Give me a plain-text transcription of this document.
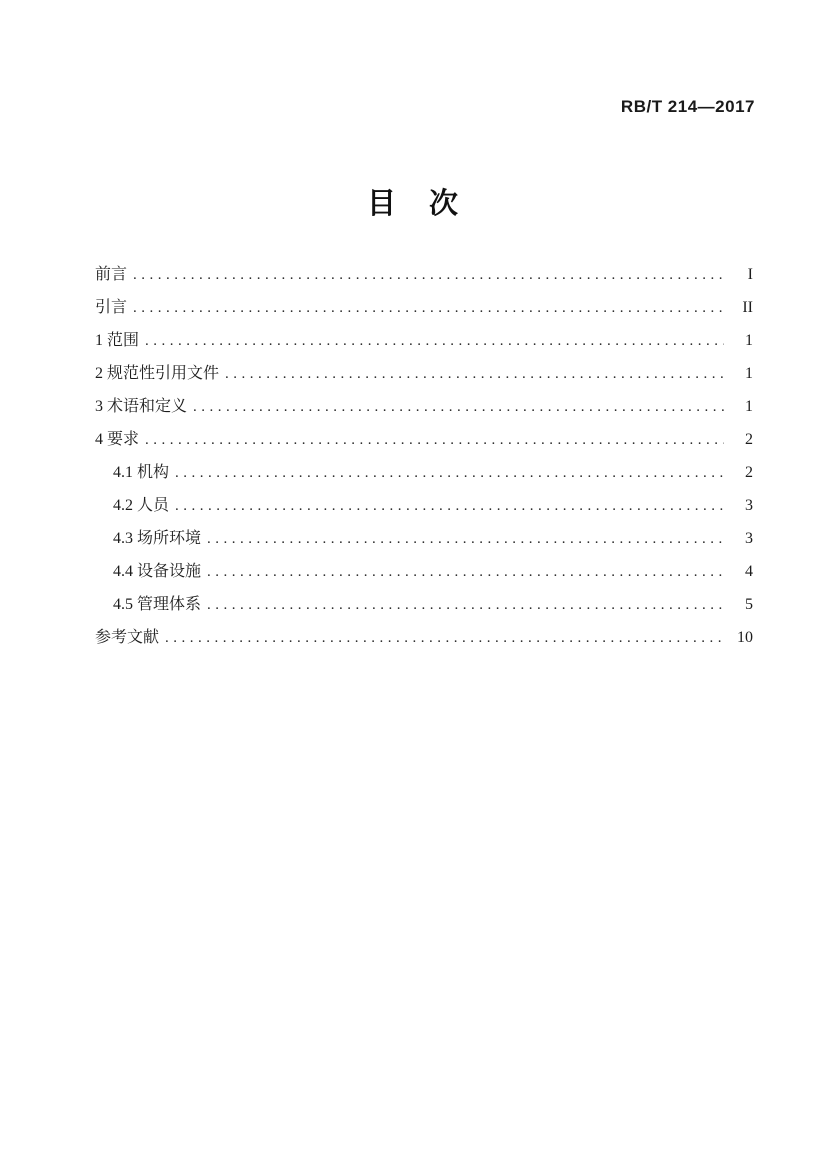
RB/T 214—2017
目　次
前言 .....	I
引言 .....	II
1 范围 .....	1
2 规范性引用文件 .....	1
3 术语和定义 .....	1
4 要求 .....	2
4.1 机构 .....	2
4.2 人员 .....	3
4.3 场所环境 .....	3
4.4 设备设施 .....	4
4.5 管理体系 .....	5
参考文献 .....	10
